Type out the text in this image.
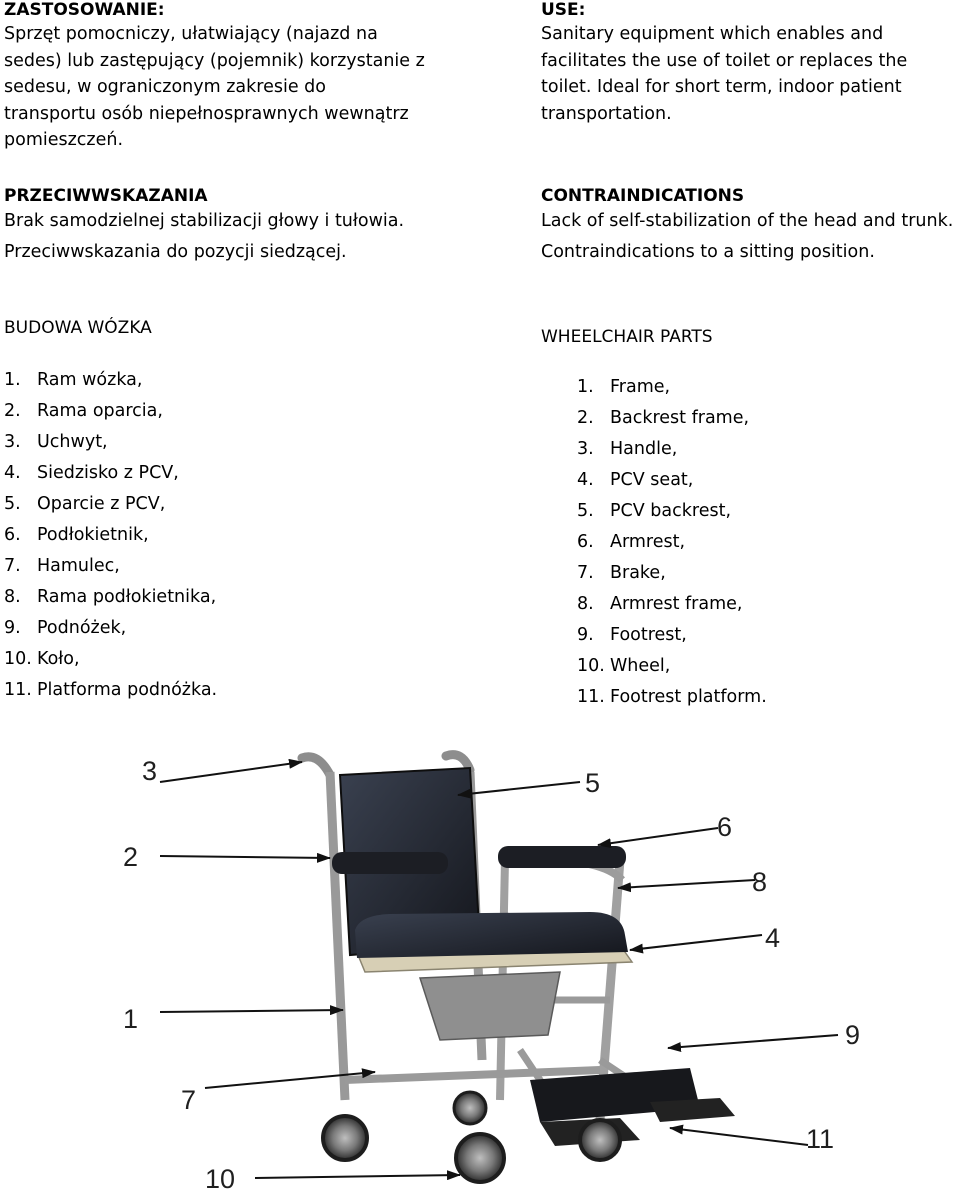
ZASTOSOWANIE:

Sprzęt pomocniczy, ułatwiający (najazd na

sedes) lub zastępujący (pojemnik) korzystanie z

sedesu, w ograniczonym zakresie do

transportu osób niepełnosprawnych wewnątrz

pomieszczeń.

PRZECIWWSKAZANIA

Brak samodzielnej stabilizacji głowy i tułowia.

Przeciwwskazania do pozycji siedzącej.

BUDOWA WÓZKA

1. Ram wózka,
2. Rama oparcia,
3. Uchwyt,
4. Siedzisko z PCV,
5. Oparcie z PCV,
6. Podłokietnik,
7. Hamulec,
8. Rama podłokietnika,
9. Podnóżek,
10. Koło,
11. Platforma podnóżka.

USE:

Sanitary equipment which enables and

facilitates the use of toilet or replaces the

toilet. Ideal for short term, indoor patient

transportation.

CONTRAINDICATIONS

Lack of self-stabilization of the head and trunk.

Contraindications to a sitting position.

WHEELCHAIR PARTS

1. Frame,
2. Backrest frame,
3. Handle,
4. PCV seat,
5. PCV backrest,
6. Armrest,
7. Brake,
8. Armrest frame,
9. Footrest,
10. Wheel,
11. Footrest platform.
3
2
1
7
10
5
6
8
4
9
11
